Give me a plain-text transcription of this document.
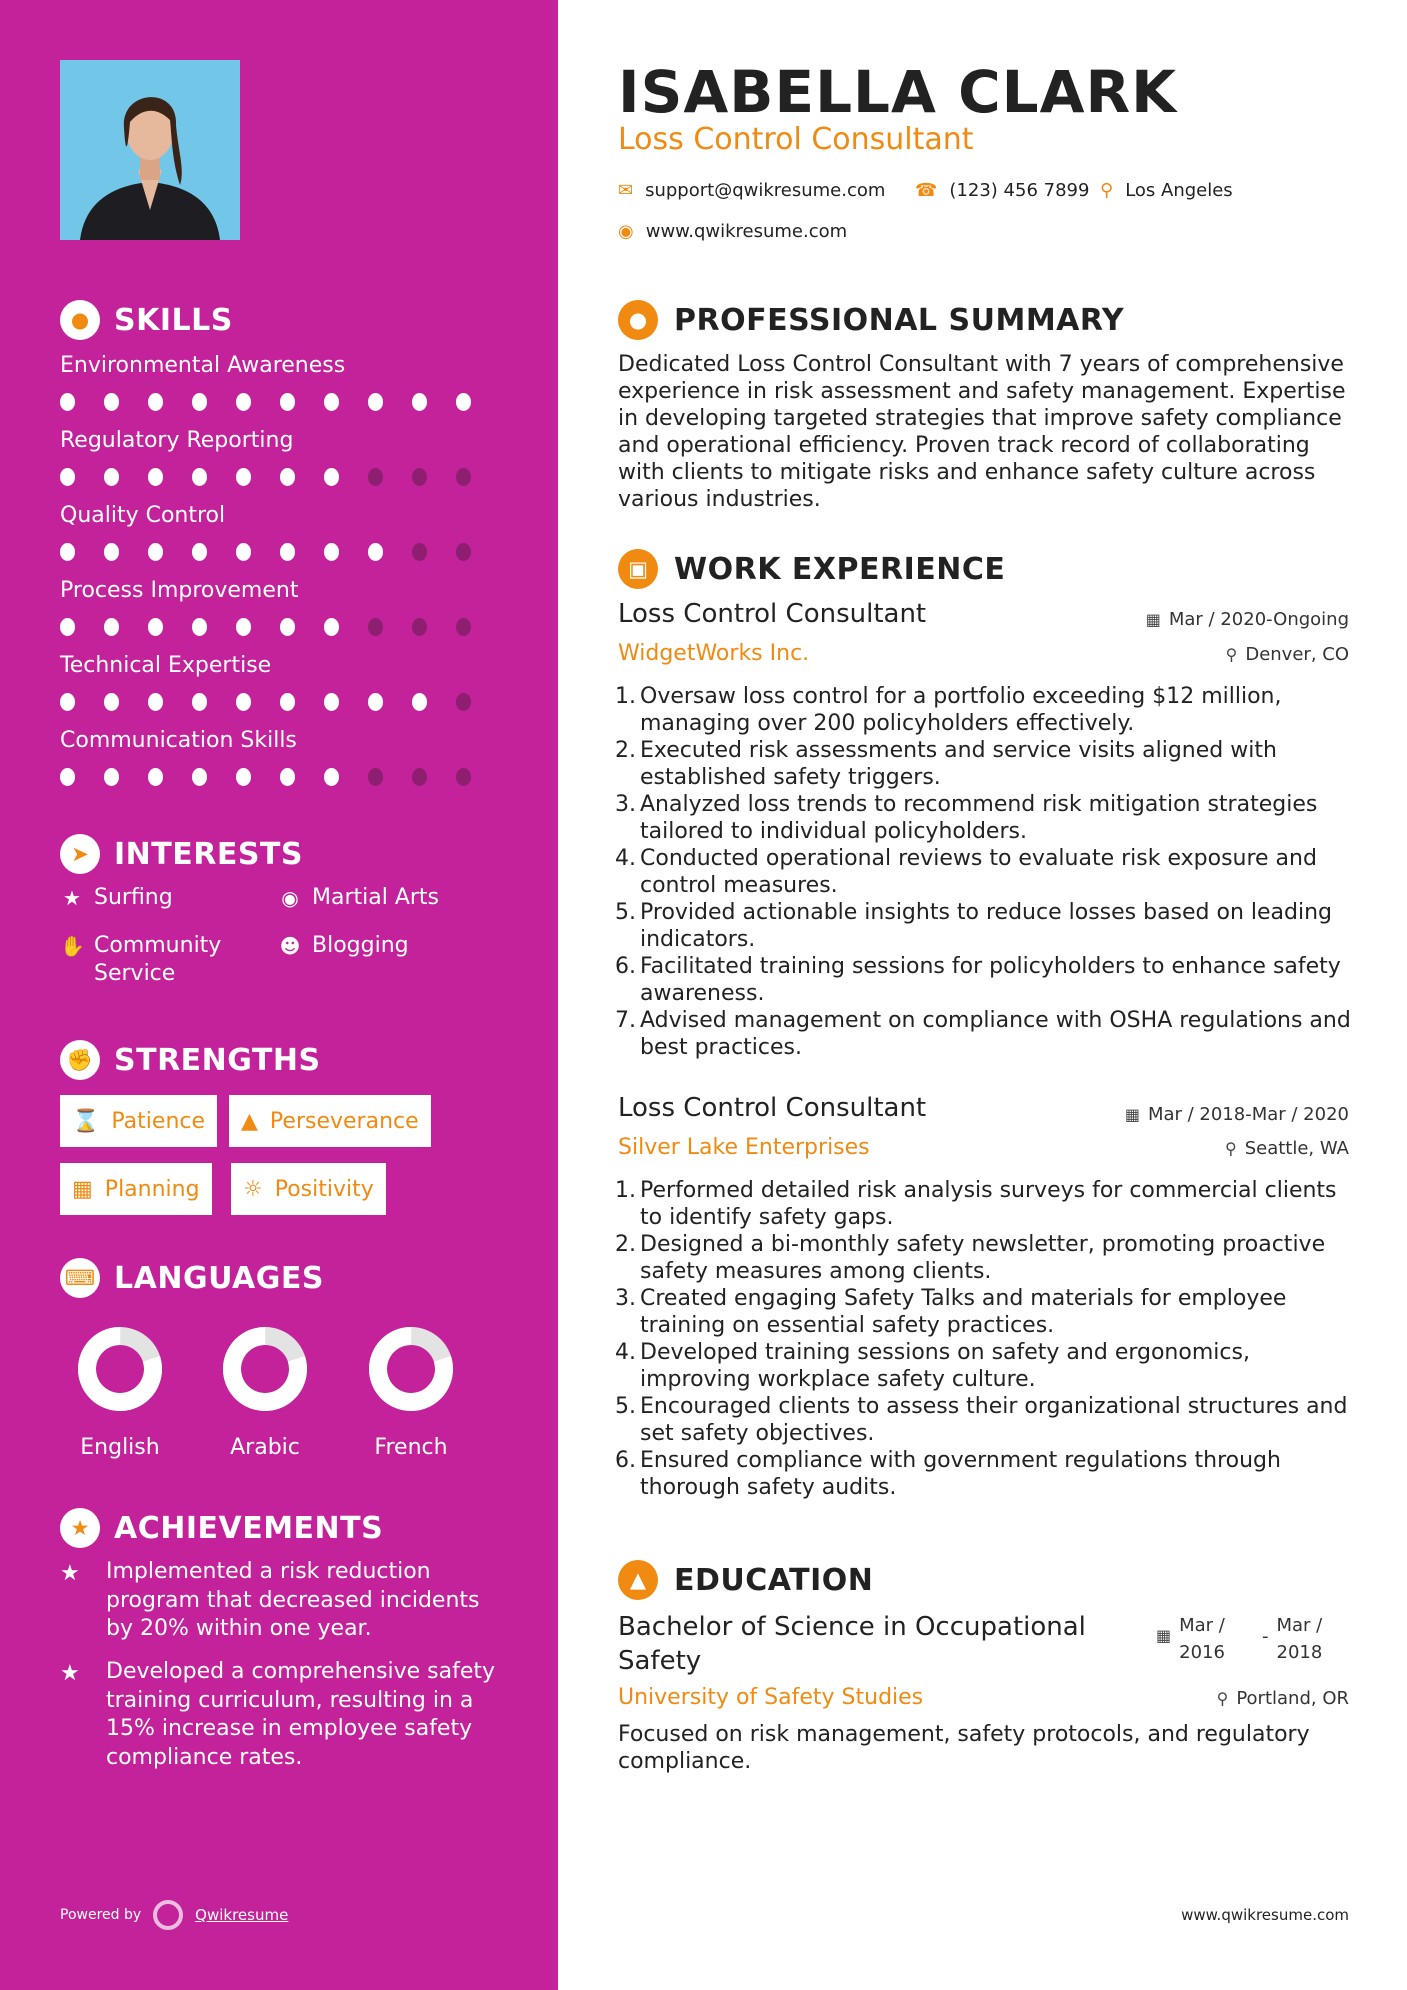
● SKILLS
Environmental Awareness
Regulatory Reporting
Quality Control
Process Improvement
Technical Expertise
Communication Skills
➤ INTERESTS
★ Surfing	◉ Martial Arts
✋ Community Service
☻ Blogging
✊ STRENGTHS
⌛ Patience ▲ Perseverance
▦ Planning ☼ Positivity
⌨ LANGUAGES
English	Arabic	French
★ ACHIEVEMENTS
★	Implemented a risk reduction program that decreased incidents by 20% within one year.
★	Developed a comprehensive safety training curriculum, resulting in a 15% increase in employee safety compliance rates.
Powered by	Qwikresume
ISABELLA CLARK
Loss Control Consultant
✉ support@qwikresume.com ☎ (123) 456 7899 ⚲ Los Angeles
◉ www.qwikresume.com
● PROFESSIONAL SUMMARY
Dedicated Loss Control Consultant with 7 years of comprehensive experience in risk assessment and safety management. Expertise in developing targeted strategies that improve safety compliance and operational efficiency. Proven track record of collaborating with clients to mitigate risks and enhance safety culture across various industries.
▣ WORK EXPERIENCE
Loss Control Consultant	▦ Mar / 2020-Ongoing
WidgetWorks Inc.	⚲ Denver, CO
1. Oversaw loss control for a portfolio exceeding $12 million, managing over 200 policyholders effectively.
2. Executed risk assessments and service visits aligned with established safety triggers.
3. Analyzed loss trends to recommend risk mitigation strategies tailored to individual policyholders.
4. Conducted operational reviews to evaluate risk exposure and control measures.
5. Provided actionable insights to reduce losses based on leading indicators.
6. Facilitated training sessions for policyholders to enhance safety awareness.
7. Advised management on compliance with OSHA regulations and best practices.
Loss Control Consultant	▦ Mar / 2018-Mar / 2020
Silver Lake Enterprises	⚲ Seattle, WA
1. Performed detailed risk analysis surveys for commercial clients to identify safety gaps.
2. Designed a bi-monthly safety newsletter, promoting proactive safety measures among clients.
3. Created engaging Safety Talks and materials for employee training on essential safety practices.
4. Developed training sessions on safety and ergonomics, improving workplace safety culture.
5. Encouraged clients to assess their organizational structures and set safety objectives.
6. Ensured compliance with government regulations through thorough safety audits.
▲ EDUCATION
Bachelor of Science in Occupational Safety
▦ Mar / 2016
-
Mar / 2018
University of Safety Studies	⚲ Portland, OR
Focused on risk management, safety protocols, and regulatory compliance.
www.qwikresume.com
